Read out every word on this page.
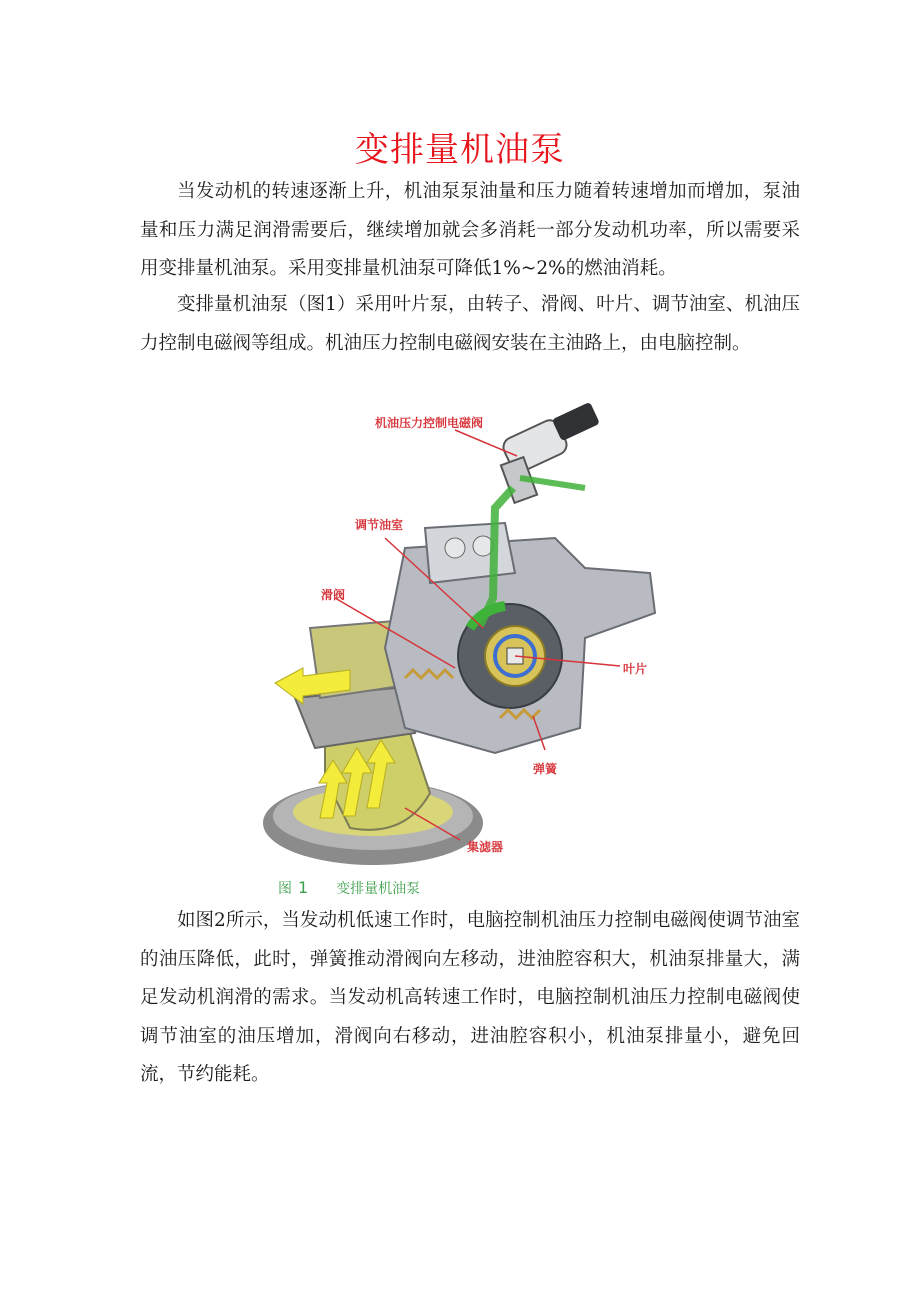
变排量机油泵

当发动机的转速逐渐上升，机油泵泵油量和压力随着转速增加而增加，泵油量和压力满足润滑需要后，继续增加就会多消耗一部分发动机功率，所以需要采用变排量机油泵。采用变排量机油泵可降低1%~2%的燃油消耗。

变排量机油泵（图1）采用叶片泵，由转子、滑阀、叶片、调节油室、机油压力控制电磁阀等组成。机油压力控制电磁阀安装在主油路上，由电脑控制。

机油压力控制电磁阀
调节油室
滑阀
叶片
弹簧
集滤器
图 1 变排量机油泵

如图2所示，当发动机低速工作时，电脑控制机油压力控制电磁阀使调节油室的油压降低，此时，弹簧推动滑阀向左移动，进油腔容积大，机油泵排量大，满足发动机润滑的需求。当发动机高转速工作时，电脑控制机油压力控制电磁阀使调节油室的油压增加，滑阀向右移动，进油腔容积小，机油泵排量小，避免回流，节约能耗。
